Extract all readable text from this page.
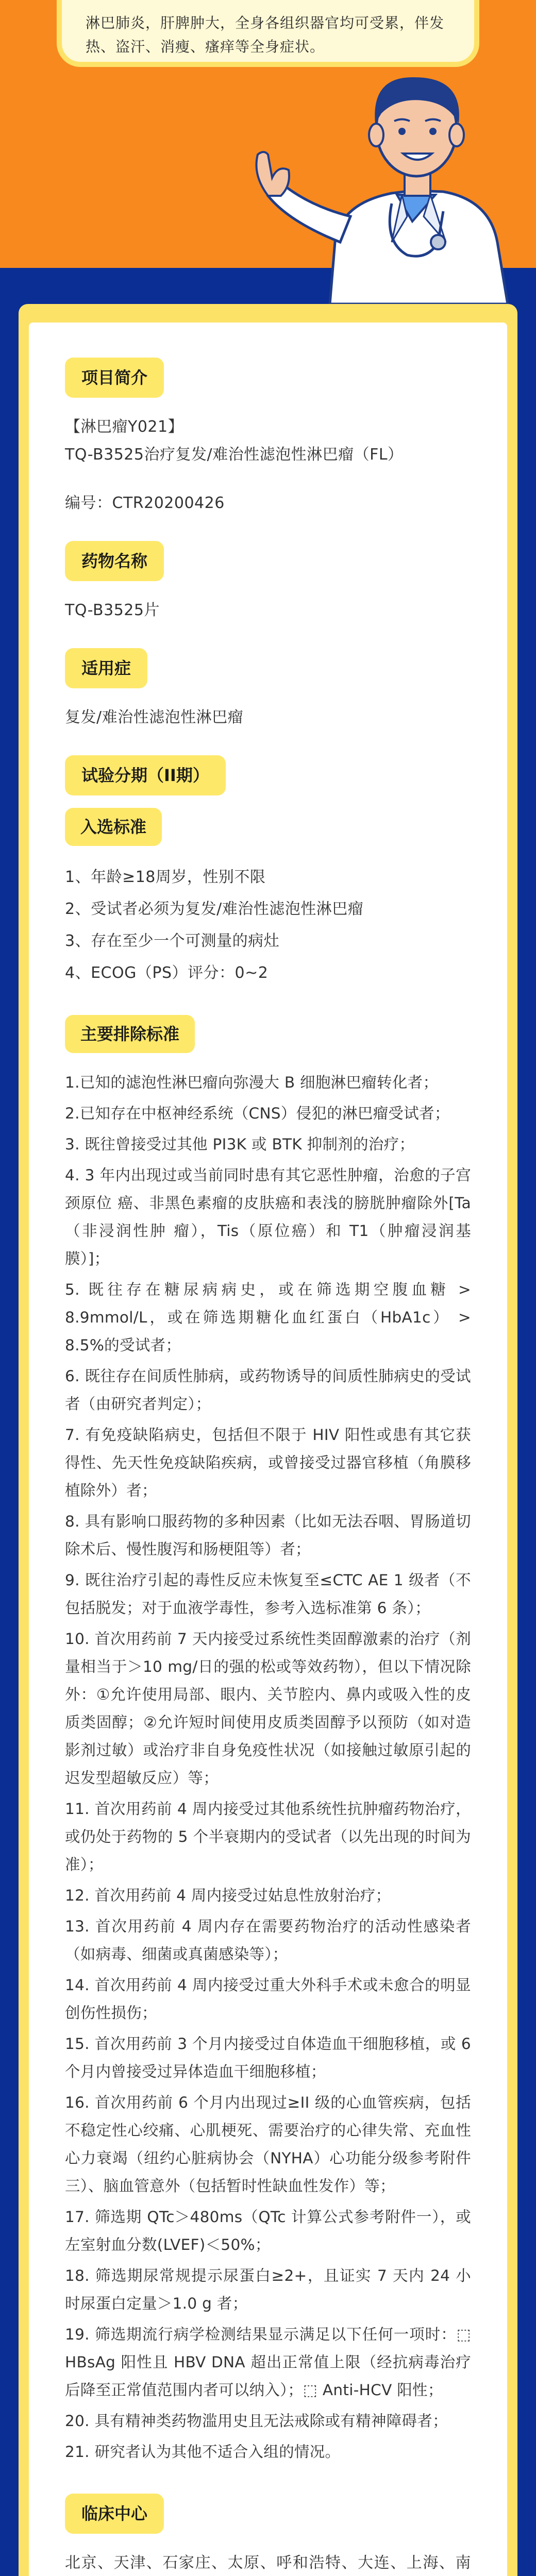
淋巴肺炎，肝脾肿大，全身各组织器官均可受累，伴发
热、盗汗、消瘦、瘙痒等全身症状。
项目简介
【淋巴瘤Y021】
TQ-B3525治疗复发/难治性滤泡性淋巴瘤（FL）
编号：CTR20200426
药物名称
TQ-B3525片
适用症
复发/难治性滤泡性淋巴瘤
试验分期（II期）
入选标准
1、年龄≥18周岁，性别不限
2、受试者必须为复发/难治性滤泡性淋巴瘤
3、存在至少一个可测量的病灶
4、ECOG（PS）评分：0~2
主要排除标准
1.已知的滤泡性淋巴瘤向弥漫大 B 细胞淋巴瘤转化者；
2.已知存在中枢神经系统（CNS）侵犯的淋巴瘤受试者；
3. 既往曾接受过其他 PI3K 或 BTK 抑制剂的治疗；
4. 3 年内出现过或当前同时患有其它恶性肿瘤，治愈的子宫颈原位 癌、非黑色素瘤的皮肤癌和表浅的膀胱肿瘤除外[Ta（非浸润性肿 瘤），Tis（原位癌）和 T1（肿瘤浸润基膜）]；
5. 既往存在糖尿病病史，或在筛选期空腹血糖 > 8.9mmol/L，或在筛选期糖化血红蛋白（HbA1c） > 8.5%的受试者；
6. 既往存在间质性肺病，或药物诱导的间质性肺病史的受试者（由研究者判定）；
7. 有免疫缺陷病史，包括但不限于 HIV 阳性或患有其它获得性、先天性免疫缺陷疾病，或曾接受过器官移植（角膜移植除外）者；
8. 具有影响口服药物的多种因素（比如无法吞咽、胃肠道切除术后、慢性腹泻和肠梗阻等）者；
9. 既往治疗引起的毒性反应未恢复至≤CTC AE 1 级者（不包括脱发；对于血液学毒性，参考入选标准第 6 条）；
10. 首次用药前 7 天内接受过系统性类固醇激素的治疗（剂量相当于＞10 mg/日的强的松或等效药物），但以下情况除外：①允许使用局部、眼内、关节腔内、鼻内或吸入性的皮质类固醇；②允许短时间使用皮质类固醇予以预防（如对造影剂过敏）或治疗非自身免疫性状况（如接触过敏原引起的迟发型超敏反应）等；
11. 首次用药前 4 周内接受过其他系统性抗肿瘤药物治疗，或仍处于药物的 5 个半衰期内的受试者（以先出现的时间为准）；
12. 首次用药前 4 周内接受过姑息性放射治疗；
13. 首次用药前 4 周内存在需要药物治疗的活动性感染者（如病毒、细菌或真菌感染等）；
14. 首次用药前 4 周内接受过重大外科手术或未愈合的明显创伤性损伤；
15. 首次用药前 3 个月内接受过自体造血干细胞移植，或 6 个月内曾接受过异体造血干细胞移植；
16. 首次用药前 6 个月内出现过≥II 级的心血管疾病，包括不稳定性心绞痛、心肌梗死、需要治疗的心律失常、充血性心力衰竭（纽约心脏病协会（NYHA）心功能分级参考附件三）、脑血管意外（包括暂时性缺血性发作）等；
17. 筛选期 QTc＞480ms（QTc 计算公式参考附件一），或左室射血分数(LVEF)＜50%；
18. 筛选期尿常规提示尿蛋白≥2+，且证实 7 天内 24 小时尿蛋白定量＞1.0 g 者；
19. 筛选期流行病学检测结果显示满足以下任何一项时：⬚ HBsAg 阳性且 HBV DNA 超出正常值上限（经抗病毒治疗后降至正常值范围内者可以纳入）；⬚ Anti-HCV 阳性；
20. 具有精神类药物滥用史且无法戒除或有精神障碍者；
21. 研究者认为其他不适合入组的情况。
临床中心
北京、天津、石家庄、太原、呼和浩特、大连、上海、南
